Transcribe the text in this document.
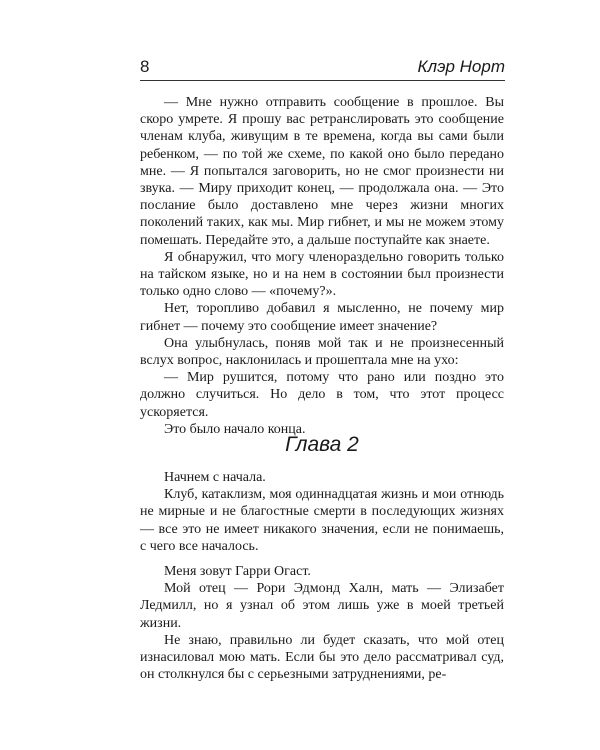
8	Клэр Норт

— Мне нужно отправить сообщение в прошлое. Вы скоро умрете. Я прошу вас ретранслировать это сообщение членам клуба, живущим в те времена, когда вы сами были ребенком, — по той же схеме, по какой оно было передано мне. — Я попытался заговорить, но не смог произнести ни звука. — Миру приходит конец, — продолжала она. — Это послание было доставлено мне через жизни многих поколений таких, как мы. Мир гибнет, и мы не можем этому помешать. Передайте это, а дальше поступайте как знаете.

Я обнаружил, что могу членораздельно говорить только на тайском языке, но и на нем в состоянии был произнести только одно слово — «почему?».

Нет, торопливо добавил я мысленно, не почему мир гибнет — почему это сообщение имеет значение?

Она улыбнулась, поняв мой так и не произнесенный вслух вопрос, наклонилась и прошептала мне на ухо:

— Мир рушится, потому что рано или поздно это должно случиться. Но дело в том, что этот процесс ускоряется.

Это было начало конца.

Глава 2

Начнем с начала.

Клуб, катаклизм, моя одиннадцатая жизнь и мои отнюдь не мирные и не благостные смерти в последующих жизнях — все это не имеет никакого значения, если не понимаешь, с чего все началось.

Меня зовут Гарри Огаст.

Мой отец — Рори Эдмонд Халн, мать — Элизабет Ледмилл, но я узнал об этом лишь уже в моей третьей жизни.

Не знаю, правильно ли будет сказать, что мой отец изнасиловал мою мать. Если бы это дело рассматривал суд, он столкнулся бы с серьезными затруднениями, ре-
